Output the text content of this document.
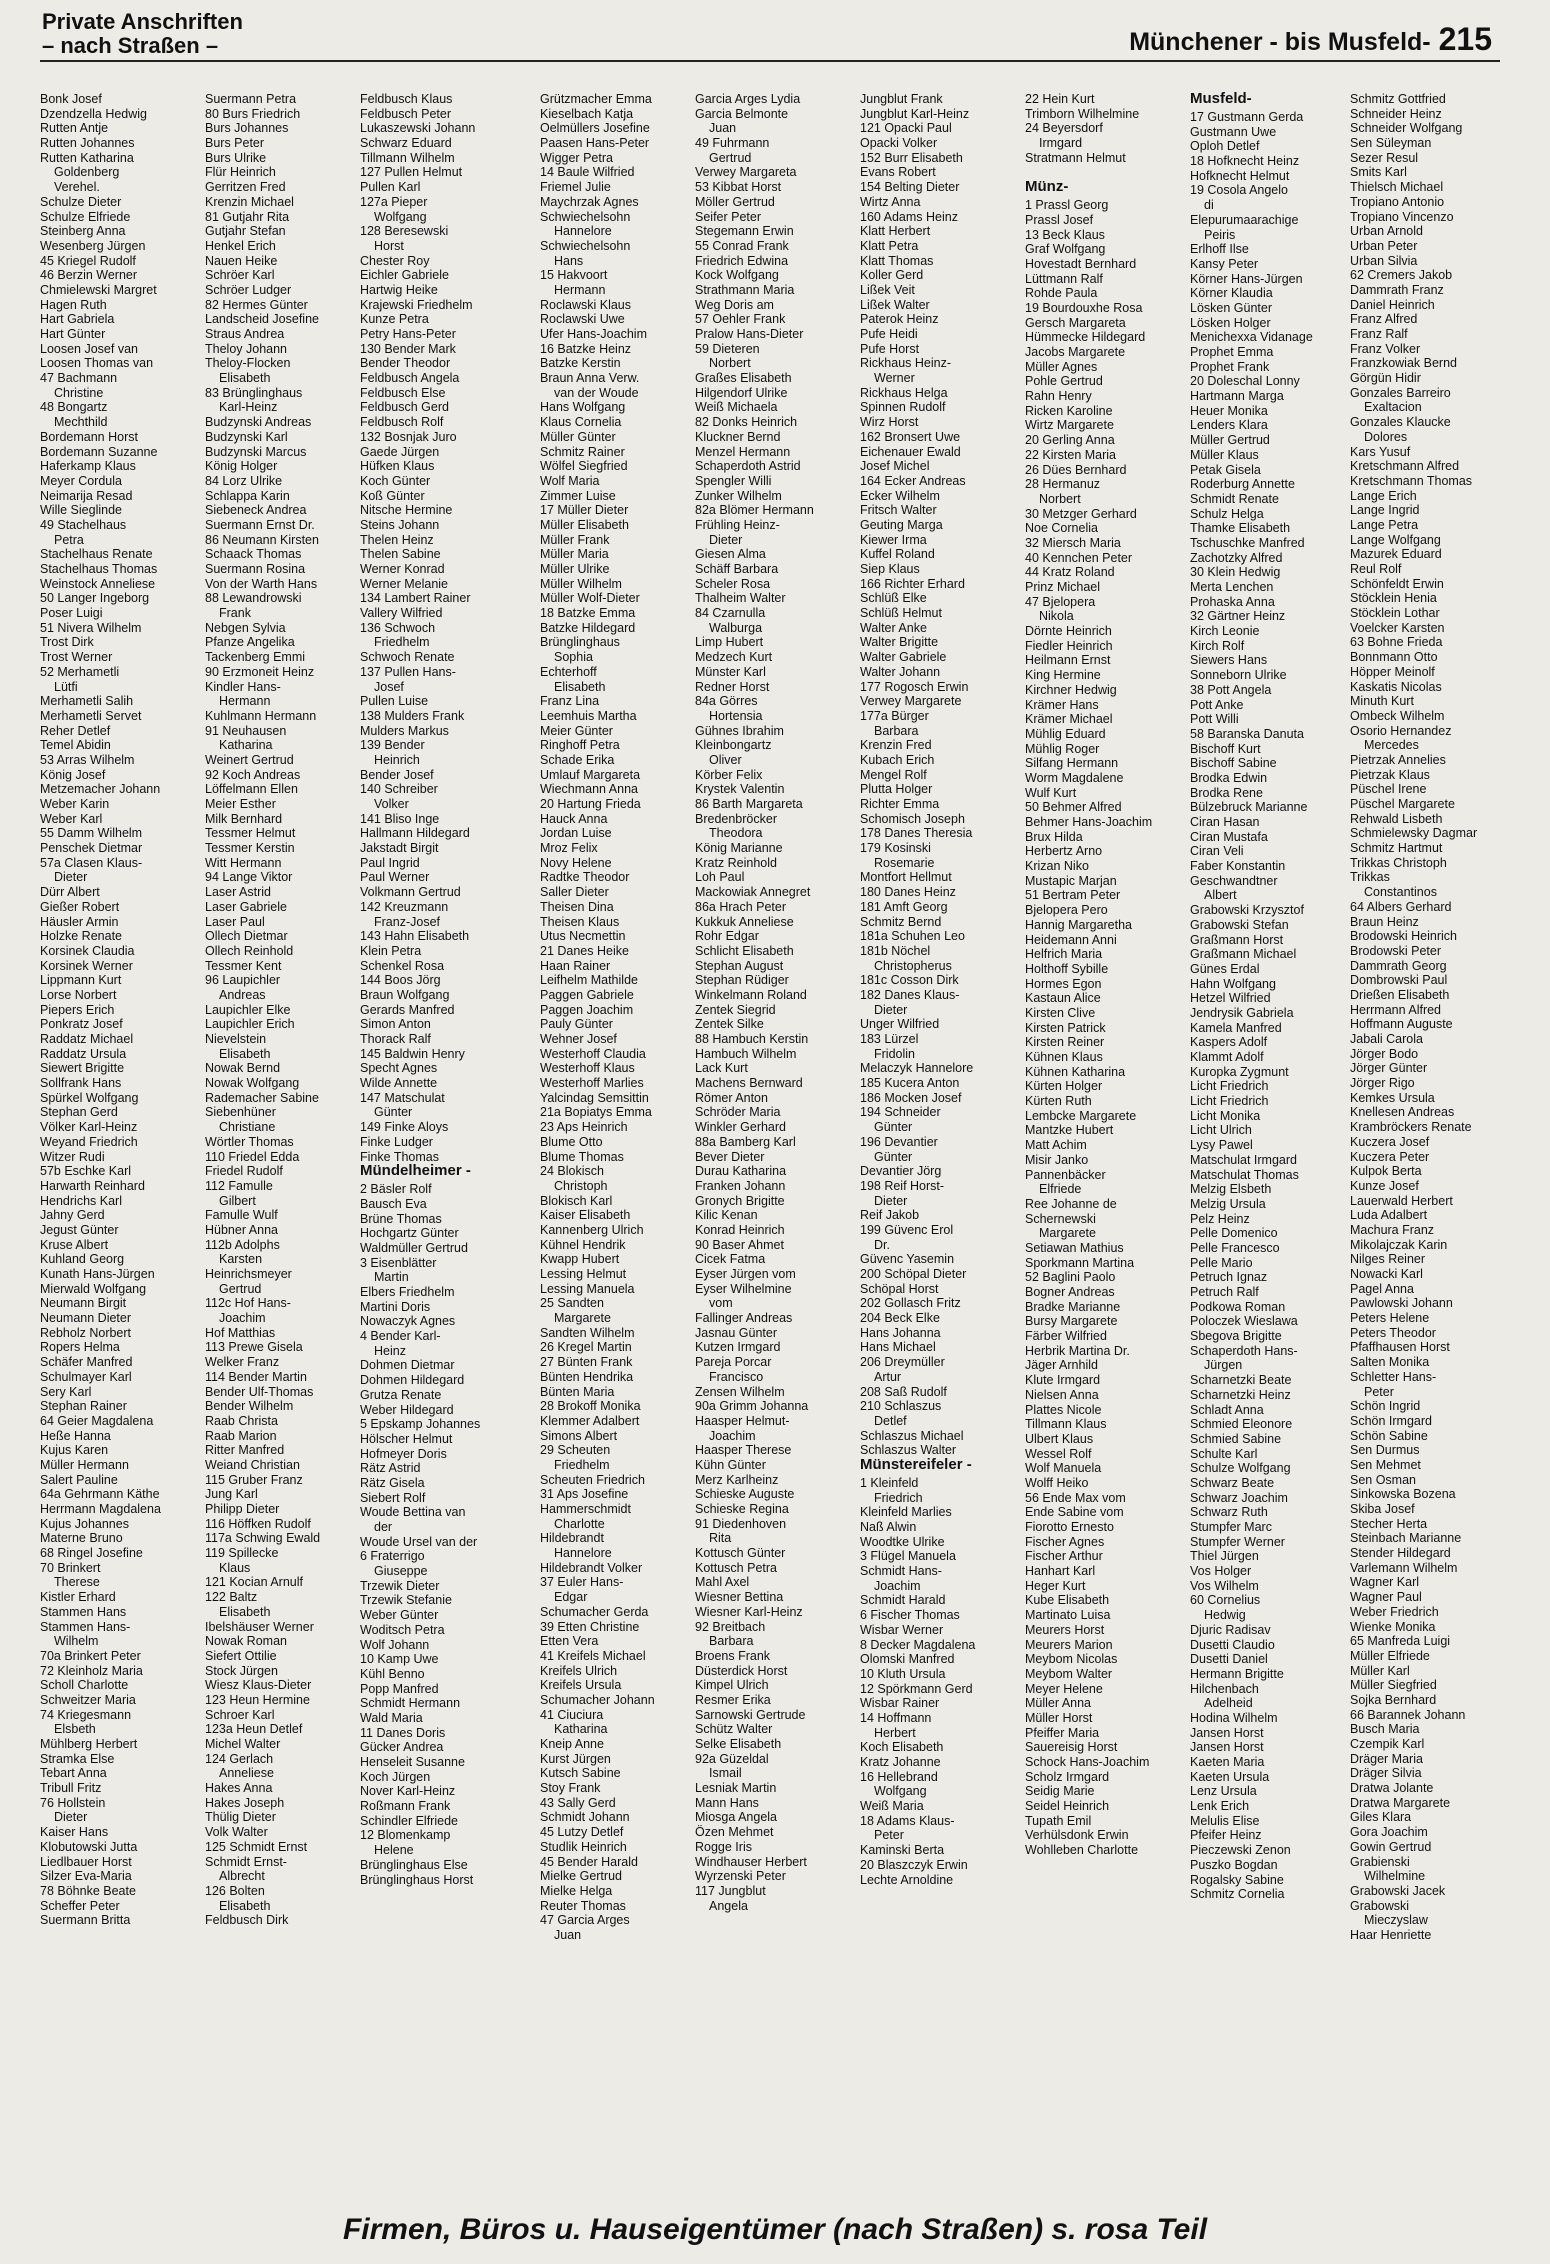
Private Anschriften
– nach Straßen –	Münchener - bis Musfeld- 215
Bonk Josef
Dzendzella Hedwig
Rutten Antje
Rutten Johannes
Rutten Katharina
Goldenberg
Verehel.
Schulze Dieter
Schulze Elfriede
Steinberg Anna
Wesenberg Jürgen
45 Kriegel Rudolf
46 Berzin Werner
Chmielewski Margret
Hagen Ruth
Hart Gabriela
Hart Günter
Loosen Josef van
Loosen Thomas van
47 Bachmann
Christine
48 Bongartz
Mechthild
Bordemann Horst
Bordemann Suzanne
Haferkamp Klaus
Meyer Cordula
Neimarija Resad
Wille Sieglinde
49 Stachelhaus
Petra
Stachelhaus Renate
Stachelhaus Thomas
Weinstock Anneliese
50 Langer Ingeborg
Poser Luigi
51 Nivera Wilhelm
Trost Dirk
Trost Werner
52 Merhametli
Lütfi
Merhametli Salih
Merhametli Servet
Reher Detlef
Temel Abidin
53 Arras Wilhelm
König Josef
Metzemacher Johann
Weber Karin
Weber Karl
55 Damm Wilhelm
Penschek Dietmar
57a Clasen Klaus-
Dieter
Dürr Albert
Gießer Robert
Häusler Armin
Holzke Renate
Korsinek Claudia
Korsinek Werner
Lippmann Kurt
Lorse Norbert
Piepers Erich
Ponkratz Josef
Raddatz Michael
Raddatz Ursula
Siewert Brigitte
Sollfrank Hans
Spürkel Wolfgang
Stephan Gerd
Völker Karl-Heinz
Weyand Friedrich
Witzer Rudi
57b Eschke Karl
Harwarth Reinhard
Hendrichs Karl
Jahny Gerd
Jegust Günter
Kruse Albert
Kuhland Georg
Kunath Hans-Jürgen
Mierwald Wolfgang
Neumann Birgit
Neumann Dieter
Rebholz Norbert
Ropers Helma
Schäfer Manfred
Schulmayer Karl
Sery Karl
Stephan Rainer
64 Geier Magdalena
Heße Hanna
Kujus Karen
Müller Hermann
Salert Pauline
64a Gehrmann Käthe
Herrmann Magdalena
Kujus Johannes
Materne Bruno
68 Ringel Josefine
70 Brinkert
Therese
Kistler Erhard
Stammen Hans
Stammen Hans-
Wilhelm
70a Brinkert Peter
72 Kleinholz Maria
Scholl Charlotte
Schweitzer Maria
74 Kriegesmann
Elsbeth
Mühlberg Herbert
Stramka Else
Tebart Anna
Tribull Fritz
76 Hollstein
Dieter
Kaiser Hans
Klobutowski Jutta
Liedlbauer Horst
Silzer Eva-Maria
78 Böhnke Beate
Scheffer Peter
Suermann Britta
Suermann Petra
80 Burs Friedrich
Burs Johannes
Burs Peter
Burs Ulrike
Flür Heinrich
Gerritzen Fred
Krenzin Michael
81 Gutjahr Rita
Gutjahr Stefan
Henkel Erich
Nauen Heike
Schröer Karl
Schröer Ludger
82 Hermes Günter
Landscheid Josefine
Straus Andrea
Theloy Johann
Theloy-Flocken
Elisabeth
83 Brünglinghaus
Karl-Heinz
Budzynski Andreas
Budzynski Karl
Budzynski Marcus
König Holger
84 Lorz Ulrike
Schlappa Karin
Siebeneck Andrea
Suermann Ernst Dr.
86 Neumann Kirsten
Schaack Thomas
Suermann Rosina
Von der Warth Hans
88 Lewandrowski
Frank
Nebgen Sylvia
Pfanze Angelika
Tackenberg Emmi
90 Erzmoneit Heinz
Kindler Hans-
Hermann
Kuhlmann Hermann
91 Neuhausen
Katharina
Weinert Gertrud
92 Koch Andreas
Löffelmann Ellen
Meier Esther
Milk Bernhard
Tessmer Helmut
Tessmer Kerstin
Witt Hermann
94 Lange Viktor
Laser Astrid
Laser Gabriele
Laser Paul
Ollech Dietmar
Ollech Reinhold
Tessmer Kent
96 Laupichler
Andreas
Laupichler Elke
Laupichler Erich
Nievelstein
Elisabeth
Nowak Bernd
Nowak Wolfgang
Rademacher Sabine
Siebenhüner
Christiane
Wörtler Thomas
110 Friedel Edda
Friedel Rudolf
112 Famulle
Gilbert
Famulle Wulf
Hübner Anna
112b Adolphs
Karsten
Heinrichsmeyer
Gertrud
112c Hof Hans-
Joachim
Hof Matthias
113 Prewe Gisela
Welker Franz
114 Bender Martin
Bender Ulf-Thomas
Bender Wilhelm
Raab Christa
Raab Marion
Ritter Manfred
Weiand Christian
115 Gruber Franz
Jung Karl
Philipp Dieter
116 Höffken Rudolf
117a Schwing Ewald
119 Spillecke
Klaus
121 Kocian Arnulf
122 Baltz
Elisabeth
Ibelshäuser Werner
Nowak Roman
Siefert Ottilie
Stock Jürgen
Wiesz Klaus-Dieter
123 Heun Hermine
Schroer Karl
123a Heun Detlef
Michel Walter
124 Gerlach
Anneliese
Hakes Anna
Hakes Joseph
Thülig Dieter
Volk Walter
125 Schmidt Ernst
Schmidt Ernst-
Albrecht
126 Bolten
Elisabeth
Feldbusch Dirk
Feldbusch Klaus
Feldbusch Peter
Lukaszewski Johann
Schwarz Eduard
Tillmann Wilhelm
127 Pullen Helmut
Pullen Karl
127a Pieper
Wolfgang
128 Beresewski
Horst
Chester Roy
Eichler Gabriele
Hartwig Heike
Krajewski Friedhelm
Kunze Petra
Petry Hans-Peter
130 Bender Mark
Bender Theodor
Feldbusch Angela
Feldbusch Else
Feldbusch Gerd
Feldbusch Rolf
132 Bosnjak Juro
Gaede Jürgen
Hüfken Klaus
Koch Günter
Koß Günter
Nitsche Hermine
Steins Johann
Thelen Heinz
Thelen Sabine
Werner Konrad
Werner Melanie
134 Lambert Rainer
Vallery Wilfried
136 Schwoch
Friedhelm
Schwoch Renate
137 Pullen Hans-
Josef
Pullen Luise
138 Mulders Frank
Mulders Markus
139 Bender
Heinrich
Bender Josef
140 Schreiber
Volker
141 Bliso Inge
Hallmann Hildegard
Jakstadt Birgit
Paul Ingrid
Paul Werner
Volkmann Gertrud
142 Kreuzmann
Franz-Josef
143 Hahn Elisabeth
Klein Petra
Schenkel Rosa
144 Boos Jörg
Braun Wolfgang
Gerards Manfred
Simon Anton
Thorack Ralf
145 Baldwin Henry
Specht Agnes
Wilde Annette
147 Matschulat
Günter
149 Finke Aloys
Finke Ludger
Finke Thomas
Mündelheimer -
2 Bäsler Rolf
Bausch Eva
Brüne Thomas
Hochgartz Günter
Waldmüller Gertrud
3 Eisenblätter
Martin
Elbers Friedhelm
Martini Doris
Nowaczyk Agnes
4 Bender Karl-
Heinz
Dohmen Dietmar
Dohmen Hildegard
Grutza Renate
Weber Hildegard
5 Epskamp Johannes
Hölscher Helmut
Hofmeyer Doris
Rätz Astrid
Rätz Gisela
Siebert Rolf
Woude Bettina van
der
Woude Ursel van der
6 Fraterrigo
Giuseppe
Trzewik Dieter
Trzewik Stefanie
Weber Günter
Woditsch Petra
Wolf Johann
10 Kamp Uwe
Kühl Benno
Popp Manfred
Schmidt Hermann
Wald Maria
11 Danes Doris
Gücker Andrea
Henseleit Susanne
Koch Jürgen
Nover Karl-Heinz
Roßmann Frank
Schindler Elfriede
12 Blomenkamp
Helene
Brünglinghaus Else
Brünglinghaus Horst
Grützmacher Emma
Kieselbach Katja
Oelmüllers Josefine
Paasen Hans-Peter
Wigger Petra
14 Baule Wilfried
Friemel Julie
Maychrzak Agnes
Schwiechelsohn
Hannelore
Schwiechelsohn
Hans
15 Hakvoort
Hermann
Roclawski Klaus
Roclawski Uwe
Ufer Hans-Joachim
16 Batzke Heinz
Batzke Kerstin
Braun Anna Verw.
van der Woude
Hans Wolfgang
Klaus Cornelia
Müller Günter
Schmitz Rainer
Wölfel Siegfried
Wolf Maria
Zimmer Luise
17 Müller Dieter
Müller Elisabeth
Müller Frank
Müller Maria
Müller Ulrike
Müller Wilhelm
Müller Wolf-Dieter
18 Batzke Emma
Batzke Hildegard
Brünglinghaus
Sophia
Echterhoff
Elisabeth
Franz Lina
Leemhuis Martha
Meier Günter
Ringhoff Petra
Schade Erika
Umlauf Margareta
Wiechmann Anna
20 Hartung Frieda
Hauck Anna
Jordan Luise
Mroz Felix
Novy Helene
Radtke Theodor
Saller Dieter
Theisen Dina
Theisen Klaus
Utus Necmettin
21 Danes Heike
Haan Rainer
Leifhelm Mathilde
Paggen Gabriele
Paggen Joachim
Pauly Günter
Wehner Josef
Westerhoff Claudia
Westerhoff Klaus
Westerhoff Marlies
Yalcindag Semsittin
21a Bopiatys Emma
23 Aps Heinrich
Blume Otto
Blume Thomas
24 Blokisch
Christoph
Blokisch Karl
Kaiser Elisabeth
Kannenberg Ulrich
Kühnel Hendrik
Kwapp Hubert
Lessing Helmut
Lessing Manuela
25 Sandten
Margarete
Sandten Wilhelm
26 Kregel Martin
27 Bünten Frank
Bünten Hendrika
Bünten Maria
28 Brokoff Monika
Klemmer Adalbert
Simons Albert
29 Scheuten
Friedhelm
Scheuten Friedrich
31 Aps Josefine
Hammerschmidt
Charlotte
Hildebrandt
Hannelore
Hildebrandt Volker
37 Euler Hans-
Edgar
Schumacher Gerda
39 Etten Christine
Etten Vera
41 Kreifels Michael
Kreifels Ulrich
Kreifels Ursula
Schumacher Johann
41 Ciuciura
Katharina
Kneip Anne
Kurst Jürgen
Kutsch Sabine
Stoy Frank
43 Sally Gerd
Schmidt Johann
45 Lutzy Detlef
Studlik Heinrich
45 Bender Harald
Mielke Gertrud
Mielke Helga
Reuter Thomas
47 Garcia Arges
Juan
Garcia Arges Lydia
Garcia Belmonte
Juan
49 Fuhrmann
Gertrud
Verwey Margareta
53 Kibbat Horst
Möller Gertrud
Seifer Peter
Stegemann Erwin
55 Conrad Frank
Friedrich Edwina
Kock Wolfgang
Strathmann Maria
Weg Doris am
57 Oehler Frank
Pralow Hans-Dieter
59 Dieteren
Norbert
Graßes Elisabeth
Hilgendorf Ulrike
Weiß Michaela
82 Donks Heinrich
Kluckner Bernd
Menzel Hermann
Schaperdoth Astrid
Spengler Willi
Zunker Wilhelm
82a Blömer Hermann
Frühling Heinz-
Dieter
Giesen Alma
Schäff Barbara
Scheler Rosa
Thalheim Walter
84 Czarnulla
Walburga
Limp Hubert
Medzech Kurt
Münster Karl
Redner Horst
84a Görres
Hortensia
Gühnes Ibrahim
Kleinbongartz
Oliver
Körber Felix
Krystek Valentin
86 Barth Margareta
Bredenbröcker
Theodora
König Marianne
Kratz Reinhold
Loh Paul
Mackowiak Annegret
86a Hrach Peter
Kukkuk Anneliese
Rohr Edgar
Schlicht Elisabeth
Stephan August
Stephan Rüdiger
Winkelmann Roland
Zentek Siegrid
Zentek Silke
88 Hambuch Kerstin
Hambuch Wilhelm
Lack Kurt
Machens Bernward
Römer Anton
Schröder Maria
Winkler Gerhard
88a Bamberg Karl
Bever Dieter
Durau Katharina
Franken Johann
Gronych Brigitte
Kilic Kenan
Konrad Heinrich
90 Baser Ahmet
Cicek Fatma
Eyser Jürgen vom
Eyser Wilhelmine
vom
Fallinger Andreas
Jasnau Günter
Kutzen Irmgard
Pareja Porcar
Francisco
Zensen Wilhelm
90a Grimm Johanna
Haasper Helmut-
Joachim
Haasper Therese
Kühn Günter
Merz Karlheinz
Schieske Auguste
Schieske Regina
91 Diedenhoven
Rita
Kottusch Günter
Kottusch Petra
Mahl Axel
Wiesner Bettina
Wiesner Karl-Heinz
92 Breitbach
Barbara
Broens Frank
Düsterdick Horst
Kimpel Ulrich
Resmer Erika
Sarnowski Gertrude
Schütz Walter
Selke Elisabeth
92a Güzeldal
Ismail
Lesniak Martin
Mann Hans
Miosga Angela
Özen Mehmet
Rogge Iris
Windhauser Herbert
Wyrzenski Peter
117 Jungblut
Angela
Jungblut Frank
Jungblut Karl-Heinz
121 Opacki Paul
Opacki Volker
152 Burr Elisabeth
Evans Robert
154 Belting Dieter
Wirtz Anna
160 Adams Heinz
Klatt Herbert
Klatt Petra
Klatt Thomas
Koller Gerd
Lißek Veit
Lißek Walter
Paterok Heinz
Pufe Heidi
Pufe Horst
Rickhaus Heinz-
Werner
Rickhaus Helga
Spinnen Rudolf
Wirz Horst
162 Bronsert Uwe
Eichenauer Ewald
Josef Michel
164 Ecker Andreas
Ecker Wilhelm
Fritsch Walter
Geuting Marga
Kiewer Irma
Kuffel Roland
Siep Klaus
166 Richter Erhard
Schlüß Elke
Schlüß Helmut
Walter Anke
Walter Brigitte
Walter Gabriele
Walter Johann
177 Rogosch Erwin
Verwey Margarete
177a Bürger
Barbara
Krenzin Fred
Kubach Erich
Mengel Rolf
Plutta Holger
Richter Emma
Schomisch Joseph
178 Danes Theresia
179 Kosinski
Rosemarie
Montfort Hellmut
180 Danes Heinz
181 Amft Georg
Schmitz Bernd
181a Schuhen Leo
181b Nöchel
Christopherus
181c Cosson Dirk
182 Danes Klaus-
Dieter
Unger Wilfried
183 Lürzel
Fridolin
Melaczyk Hannelore
185 Kucera Anton
186 Mocken Josef
194 Schneider
Günter
196 Devantier
Günter
Devantier Jörg
198 Reif Horst-
Dieter
Reif Jakob
199 Güvenc Erol
Dr.
Güvenc Yasemin
200 Schöpal Dieter
Schöpal Horst
202 Gollasch Fritz
204 Beck Elke
Hans Johanna
Hans Michael
206 Dreymüller
Artur
208 Saß Rudolf
210 Schlaszus
Detlef
Schlaszus Michael
Schlaszus Walter
Münstereifeler -
1 Kleinfeld
Friedrich
Kleinfeld Marlies
Naß Alwin
Woodtke Ulrike
3 Flügel Manuela
Schmidt Hans-
Joachim
Schmidt Harald
6 Fischer Thomas
Wisbar Werner
8 Decker Magdalena
Olomski Manfred
10 Kluth Ursula
12 Spörkmann Gerd
Wisbar Rainer
14 Hoffmann
Herbert
Koch Elisabeth
Kratz Johanne
16 Hellebrand
Wolfgang
Weiß Maria
18 Adams Klaus-
Peter
Kaminski Berta
20 Blaszczyk Erwin
Lechte Arnoldine
22 Hein Kurt
Trimborn Wilhelmine
24 Beyersdorf
Irmgard
Stratmann Helmut
Münz-
1 Prassl Georg
Prassl Josef
13 Beck Klaus
Graf Wolfgang
Hovestadt Bernhard
Lüttmann Ralf
Rohde Paula
19 Bourdouxhe Rosa
Gersch Margareta
Hümmecke Hildegard
Jacobs Margarete
Müller Agnes
Pohle Gertrud
Rahn Henry
Ricken Karoline
Wirtz Margarete
20 Gerling Anna
22 Kirsten Maria
26 Dües Bernhard
28 Hermanuz
Norbert
30 Metzger Gerhard
Noe Cornelia
32 Miersch Maria
40 Kennchen Peter
44 Kratz Roland
Prinz Michael
47 Bjelopera
Nikola
Dörnte Heinrich
Fiedler Heinrich
Heilmann Ernst
King Hermine
Kirchner Hedwig
Krämer Hans
Krämer Michael
Mühlig Eduard
Mühlig Roger
Silfang Hermann
Worm Magdalene
Wulf Kurt
50 Behmer Alfred
Behmer Hans-Joachim
Brux Hilda
Herbertz Arno
Krizan Niko
Mustapic Marjan
51 Bertram Peter
Bjelopera Pero
Hannig Margaretha
Heidemann Anni
Helfrich Maria
Holthoff Sybille
Hormes Egon
Kastaun Alice
Kirsten Clive
Kirsten Patrick
Kirsten Reiner
Kühnen Klaus
Kühnen Katharina
Kürten Holger
Kürten Ruth
Lembcke Margarete
Mantzke Hubert
Matt Achim
Misir Janko
Pannenbäcker
Elfriede
Ree Johanne de
Schernewski
Margarete
Setiawan Mathius
Sporkmann Martina
52 Baglini Paolo
Bogner Andreas
Bradke Marianne
Bursy Margarete
Färber Wilfried
Herbrik Martina Dr.
Jäger Arnhild
Klute Irmgard
Nielsen Anna
Plattes Nicole
Tillmann Klaus
Ulbert Klaus
Wessel Rolf
Wolf Manuela
Wolff Heiko
56 Ende Max vom
Ende Sabine vom
Fiorotto Ernesto
Fischer Agnes
Fischer Arthur
Hanhart Karl
Heger Kurt
Kube Elisabeth
Martinato Luisa
Meurers Horst
Meurers Marion
Meybom Nicolas
Meybom Walter
Meyer Helene
Müller Anna
Müller Horst
Pfeiffer Maria
Sauereisig Horst
Schock Hans-Joachim
Scholz Irmgard
Seidig Marie
Seidel Heinrich
Tupath Emil
Verhülsdonk Erwin
Wohlleben Charlotte
Musfeld-
17 Gustmann Gerda
Gustmann Uwe
Oploh Detlef
18 Hofknecht Heinz
Hofknecht Helmut
19 Cosola Angelo
di
Elepurumaarachige
Peiris
Erlhoff Ilse
Kansy Peter
Körner Hans-Jürgen
Körner Klaudia
Lösken Günter
Lösken Holger
Menichexxa Vidanage
Prophet Emma
Prophet Frank
20 Doleschal Lonny
Hartmann Marga
Heuer Monika
Lenders Klara
Müller Gertrud
Müller Klaus
Petak Gisela
Roderburg Annette
Schmidt Renate
Schulz Helga
Thamke Elisabeth
Tschuschke Manfred
Zachotzky Alfred
30 Klein Hedwig
Merta Lenchen
Prohaska Anna
32 Gärtner Heinz
Kirch Leonie
Kirch Rolf
Siewers Hans
Sonneborn Ulrike
38 Pott Angela
Pott Anke
Pott Willi
58 Baranska Danuta
Bischoff Kurt
Bischoff Sabine
Brodka Edwin
Brodka Rene
Bülzebruck Marianne
Ciran Hasan
Ciran Mustafa
Ciran Veli
Faber Konstantin
Geschwandtner
Albert
Grabowski Krzysztof
Grabowski Stefan
Graßmann Horst
Graßmann Michael
Günes Erdal
Hahn Wolfgang
Hetzel Wilfried
Jendrysik Gabriela
Kamela Manfred
Kaspers Adolf
Klammt Adolf
Kuropka Zygmunt
Licht Friedrich
Licht Friedrich
Licht Monika
Licht Ulrich
Lysy Pawel
Matschulat Irmgard
Matschulat Thomas
Melzig Elsbeth
Melzig Ursula
Pelz Heinz
Pelle Domenico
Pelle Francesco
Pelle Mario
Petruch Ignaz
Petruch Ralf
Podkowa Roman
Poloczek Wieslawa
Sbegova Brigitte
Schaperdoth Hans-
Jürgen
Scharnetzki Beate
Scharnetzki Heinz
Schladt Anna
Schmied Eleonore
Schmied Sabine
Schulte Karl
Schulze Wolfgang
Schwarz Beate
Schwarz Joachim
Schwarz Ruth
Stumpfer Marc
Stumpfer Werner
Thiel Jürgen
Vos Holger
Vos Wilhelm
60 Cornelius
Hedwig
Djuric Radisav
Dusetti Claudio
Dusetti Daniel
Hermann Brigitte
Hilchenbach
Adelheid
Hodina Wilhelm
Jansen Horst
Jansen Horst
Kaeten Maria
Kaeten Ursula
Lenz Ursula
Lenk Erich
Melulis Elise
Pfeifer Heinz
Pieczewski Zenon
Puszko Bogdan
Rogalsky Sabine
Schmitz Cornelia
Schmitz Gottfried
Schneider Heinz
Schneider Wolfgang
Sen Süleyman
Sezer Resul
Smits Karl
Thielsch Michael
Tropiano Antonio
Tropiano Vincenzo
Urban Arnold
Urban Peter
Urban Silvia
62 Cremers Jakob
Dammrath Franz
Daniel Heinrich
Franz Alfred
Franz Ralf
Franz Volker
Franzkowiak Bernd
Görgün Hidir
Gonzales Barreiro
Exaltacion
Gonzales Klaucke
Dolores
Kars Yusuf
Kretschmann Alfred
Kretschmann Thomas
Lange Erich
Lange Ingrid
Lange Petra
Lange Wolfgang
Mazurek Eduard
Reul Rolf
Schönfeldt Erwin
Stöcklein Henia
Stöcklein Lothar
Voelcker Karsten
63 Bohne Frieda
Bonnmann Otto
Höpper Meinolf
Kaskatis Nicolas
Minuth Kurt
Ombeck Wilhelm
Osorio Hernandez
Mercedes
Pietrzak Annelies
Pietrzak Klaus
Püschel Irene
Püschel Margarete
Rehwald Lisbeth
Schmielewsky Dagmar
Schmitz Hartmut
Trikkas Christoph
Trikkas
Constantinos
64 Albers Gerhard
Braun Heinz
Brodowski Heinrich
Brodowski Peter
Dammrath Georg
Dombrowski Paul
Drießen Elisabeth
Herrmann Alfred
Hoffmann Auguste
Jabali Carola
Jörger Bodo
Jörger Günter
Jörger Rigo
Kemkes Ursula
Knellesen Andreas
Krambröckers Renate
Kuczera Josef
Kuczera Peter
Kulpok Berta
Kunze Josef
Lauerwald Herbert
Luda Adalbert
Machura Franz
Mikolajczak Karin
Nilges Reiner
Nowacki Karl
Pagel Anna
Pawlowski Johann
Peters Helene
Peters Theodor
Pfaffhausen Horst
Salten Monika
Schletter Hans-
Peter
Schön Ingrid
Schön Irmgard
Schön Sabine
Sen Durmus
Sen Mehmet
Sen Osman
Sinkowska Bozena
Skiba Josef
Stecher Herta
Steinbach Marianne
Stender Hildegard
Varlemann Wilhelm
Wagner Karl
Wagner Paul
Weber Friedrich
Wienke Monika
65 Manfreda Luigi
Müller Elfriede
Müller Karl
Müller Siegfried
Sojka Bernhard
66 Barannek Johann
Busch Maria
Czempik Karl
Dräger Maria
Dräger Silvia
Dratwa Jolante
Dratwa Margarete
Giles Klara
Gora Joachim
Gowin Gertrud
Grabienski
Wilhelmine
Grabowski Jacek
Grabowski
Mieczyslaw
Haar Henriette
Firmen, Büros u. Hauseigentümer (nach Straßen) s. rosa Teil
